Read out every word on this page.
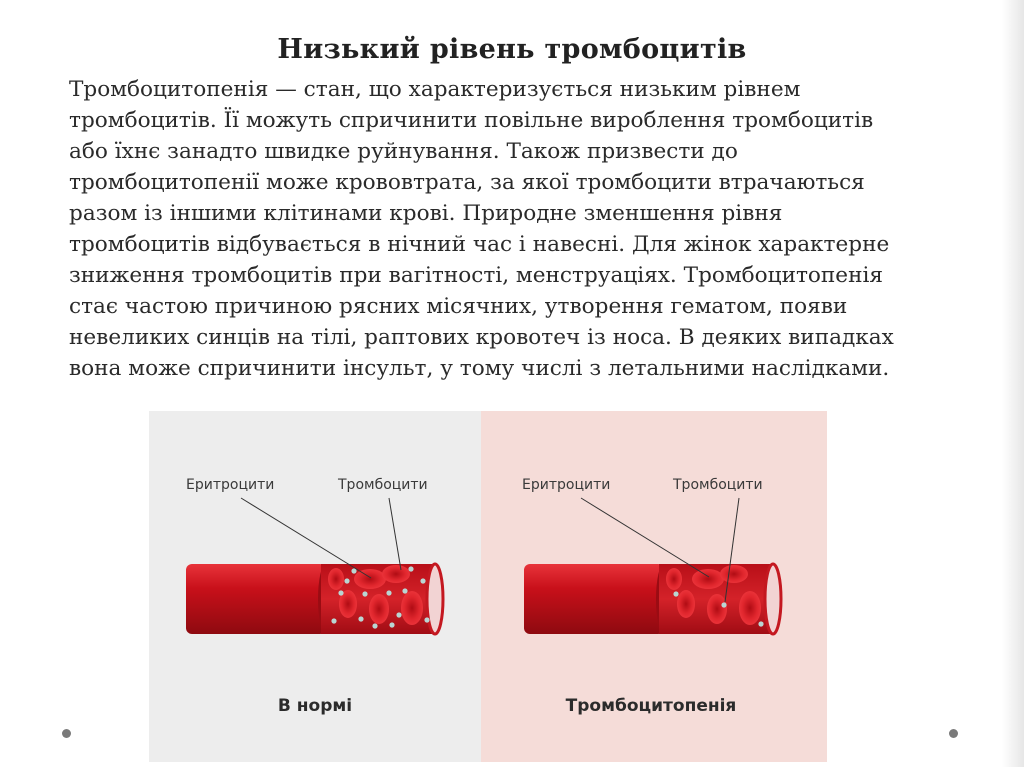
Низький рівень тромбоцитів
Тромбоцитопенія — стан, що характеризується низьким рівнем
тромбоцитів. Її можуть спричинити повільне вироблення тромбоцитів
або їхнє занадто швидке руйнування. Також призвести до
тромбоцитопенії може крововтрата, за якої тромбоцити втрачаються
разом із іншими клітинами крові. Природне зменшення рівня
тромбоцитів відбувається в нічний час і навесні. Для жінок характерне
зниження тромбоцитів при вагітності, менструаціях. Тромбоцитопенія
стає частою причиною рясних місячних, утворення гематом, появи
невеликих синців на тілі, раптових кровотеч із носа. В деяких випадках
вона може спричинити інсульт, у тому числі з летальними наслідками.
Еритроцити	Тромбоцити
В нормі
Еритроцити	Тромбоцити
Тромбоцитопенія
